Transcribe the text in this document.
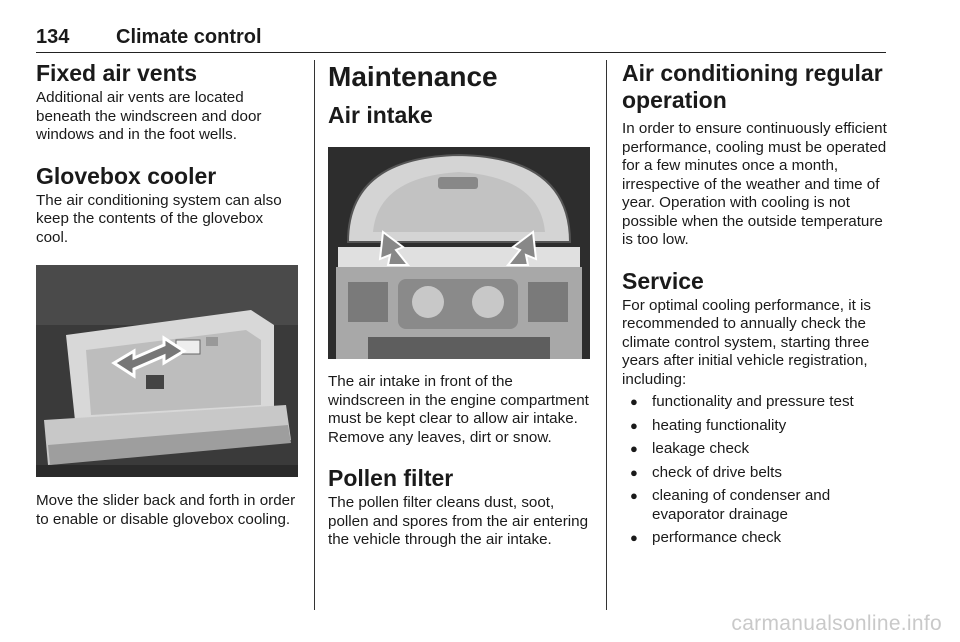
134 Climate control
Fixed air vents

Additional air vents are located beneath the windscreen and door windows and in the foot wells.

Glovebox cooler

The air conditioning system can also keep the contents of the glovebox cool.

Move the slider back and forth in order to enable or disable glovebox cooling.

Maintenance
Air intake

The air intake in front of the windscreen in the engine compartment must be kept clear to allow air intake. Remove any leaves, dirt or snow.

Pollen filter

The pollen filter cleans dust, soot, pollen and spores from the air entering the vehicle through the air intake.

Air conditioning regular operation

In order to ensure continuously efficient performance, cooling must be operated for a few minutes once a month, irrespective of the weather and time of year. Operation with cooling is not possible when the outside temperature is too low.

Service

For optimal cooling performance, it is recommended to annually check the climate control system, starting three years after initial vehicle registration, including:

● functionality and pressure test
● heating functionality
● leakage check
● check of drive belts
● cleaning of condenser and evaporator drainage
● performance check
carmanualsonline.info
